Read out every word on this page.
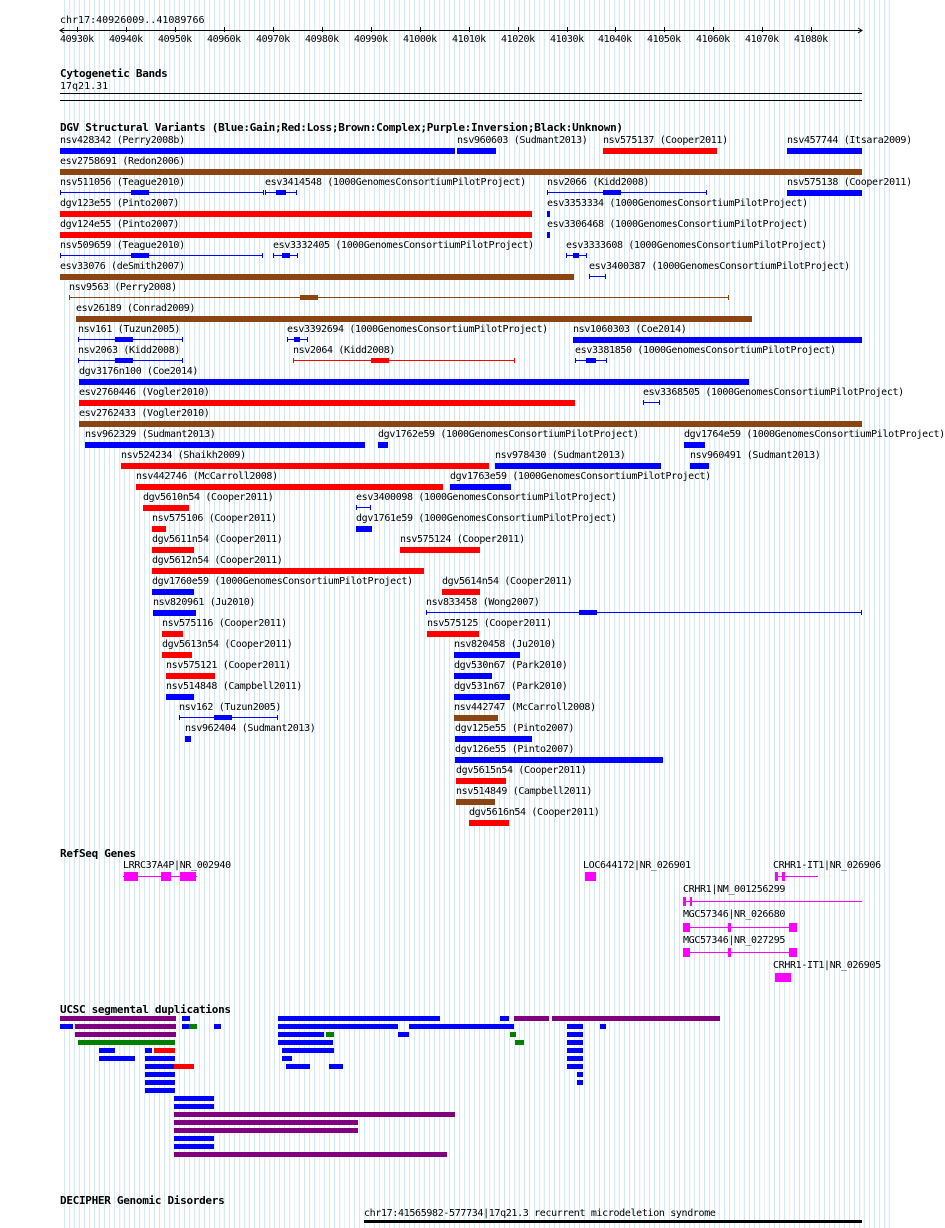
chr17:40926009..41089766
40930k 40940k 40950k 40960k 40970k 40980k 40990k 41000k 41010k 41020k 41030k 41040k 41050k 41060k 41070k 41080k
Cytogenetic Bands
17q21.31
DGV Structural Variants (Blue:Gain;Red:Loss;Brown:Complex;Purple:Inversion;Black:Unknown)
nsv428342 (Perry2008b)	nsv960603 (Sudmant2013) nsv575137 (Cooper2011)	nsv457744 (Itsara2009)
esv2758691 (Redon2006)
nsv511056 (Teague2010)	esv3414548 (1000GenomesConsortiumPilotProject) nsv2066 (Kidd2008)	nsv575138 (Cooper2011)
dgv123e55 (Pinto2007)	esv3353334 (1000GenomesConsortiumPilotProject)
dgv124e55 (Pinto2007)	esv3306468 (1000GenomesConsortiumPilotProject)
nsv509659 (Teague2010)	esv3332405 (1000GenomesConsortiumPilotProject)	esv3333608 (1000GenomesConsortiumPilotProject)
esv33076 (deSmith2007)	esv3400387 (1000GenomesConsortiumPilotProject)
nsv9563 (Perry2008)
esv26189 (Conrad2009)
nsv161 (Tuzun2005)	esv3392694 (1000GenomesConsortiumPilotProject)	nsv1060303 (Coe2014)
nsv2063 (Kidd2008)	nsv2064 (Kidd2008)	esv3381850 (1000GenomesConsortiumPilotProject)
dgv3176n100 (Coe2014)
esv2760446 (Vogler2010)	esv3368505 (1000GenomesConsortiumPilotProject)
esv2762433 (Vogler2010)
nsv962329 (Sudmant2013)	dgv1762e59 (1000GenomesConsortiumPilotProject)	dgv1764e59 (1000GenomesConsortiumPilotProject)
nsv524234 (Shaikh2009)	nsv978430 (Sudmant2013)	nsv960491 (Sudmant2013)
nsv442746 (McCarroll2008)	dgv1763e59 (1000GenomesConsortiumPilotProject)
dgv5610n54 (Cooper2011)	esv3400098 (1000GenomesConsortiumPilotProject)
nsv575106 (Cooper2011)	dgv1761e59 (1000GenomesConsortiumPilotProject)
dgv5611n54 (Cooper2011)	nsv575124 (Cooper2011)
dgv5612n54 (Cooper2011)
dgv1760e59 (1000GenomesConsortiumPilotProject)	dgv5614n54 (Cooper2011)
nsv820961 (Ju2010)	nsv833458 (Wong2007)
nsv575116 (Cooper2011)	nsv575125 (Cooper2011)
dgv5613n54 (Cooper2011)	nsv820458 (Ju2010)
nsv575121 (Cooper2011)	dgv530n67 (Park2010)
nsv514848 (Campbell2011)	dgv531n67 (Park2010)
nsv162 (Tuzun2005)	nsv442747 (McCarroll2008)
nsv962404 (Sudmant2013)	dgv125e55 (Pinto2007)
dgv126e55 (Pinto2007)
dgv5615n54 (Cooper2011)
nsv514849 (Campbell2011)
dgv5616n54 (Cooper2011)
RefSeq Genes
LRRC37A4P|NR_002940	LOC644172|NR_026901	CRHR1-IT1|NR_026906
CRHR1|NM_001256299
MGC57346|NR_026680
MGC57346|NR_027295
CRHR1-IT1|NR_026905
UCSC segmental duplications
DECIPHER Genomic Disorders
chr17:41565982-577734|17q21.3 recurrent microdeletion syndrome
